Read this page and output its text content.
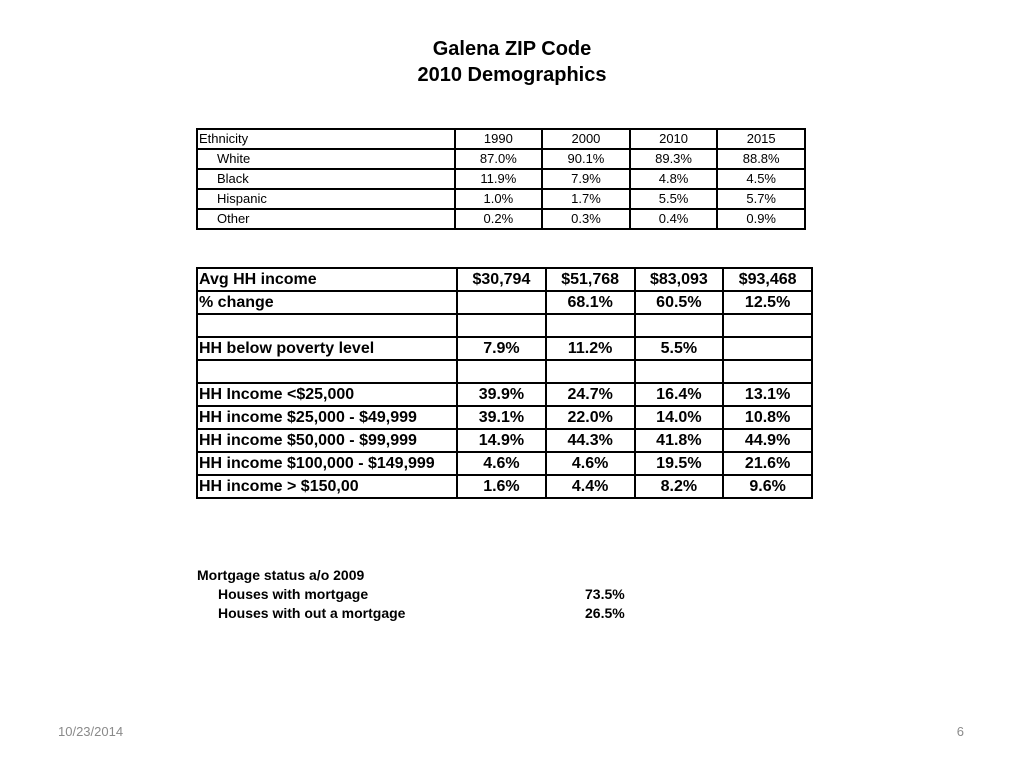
Galena ZIP Code
2010 Demographics
Ethnicity	1990	2000	2010	2015
White	87.0%	90.1%	89.3%	88.8%
Black	11.9%	7.9%	4.8%	4.5%
Hispanic	1.0%	1.7%	5.5%	5.7%
Other	0.2%	0.3%	0.4%	0.9%
Avg HH income	$30,794	$51,768	$83,093	$93,468
% change		68.1%	60.5%	12.5%

HH below poverty level	7.9%	11.2%	5.5%	

HH Income <$25,000	39.9%	24.7%	16.4%	13.1%
HH income $25,000 - $49,999	39.1%	22.0%	14.0%	10.8%
HH income $50,000 - $99,999	14.9%	44.3%	41.8%	44.9%
HH income $100,000 - $149,999	4.6%	4.6%	19.5%	21.6%
HH income > $150,00	1.6%	4.4%	8.2%	9.6%
Mortgage status a/o 2009
Houses with mortgage	73.5%
Houses with out a mortgage	26.5%
10/23/2014	6
